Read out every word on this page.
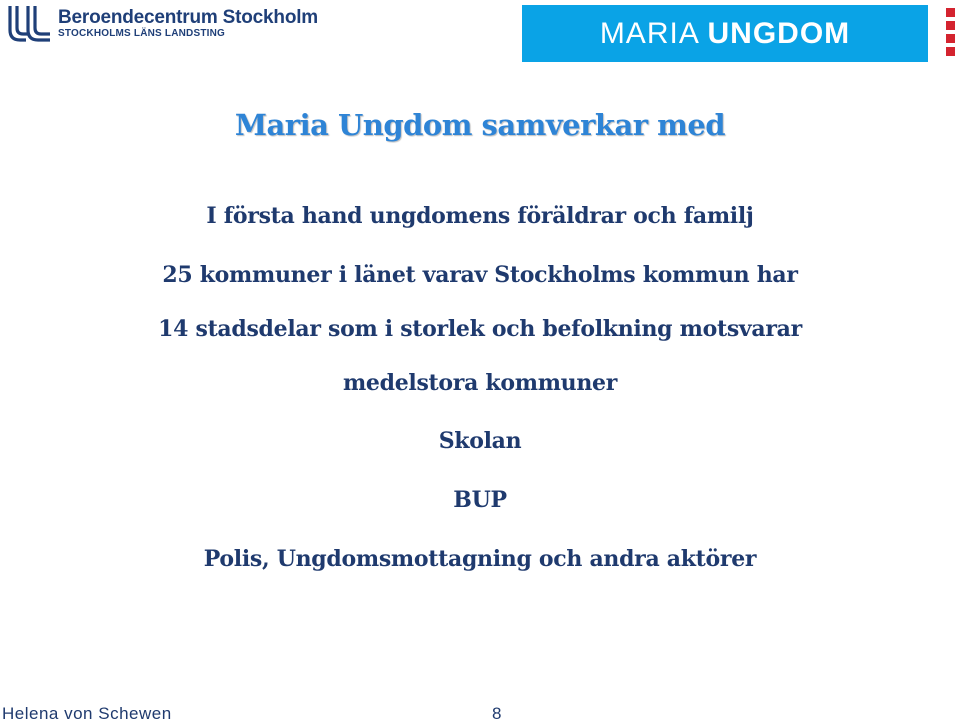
Beroendecentrum Stockholm
STOCKHOLMS LÄNS LANDSTING	MARIA UNGDOM
Maria Ungdom samverkar med
I första hand ungdomens föräldrar och familj
25 kommuner i länet varav Stockholms kommun har
14 stadsdelar som i storlek och befolkning motsvarar
medelstora kommuner
Skolan
BUP
Polis, Ungdomsmottagning och andra aktörer
Helena von Schewen	8
